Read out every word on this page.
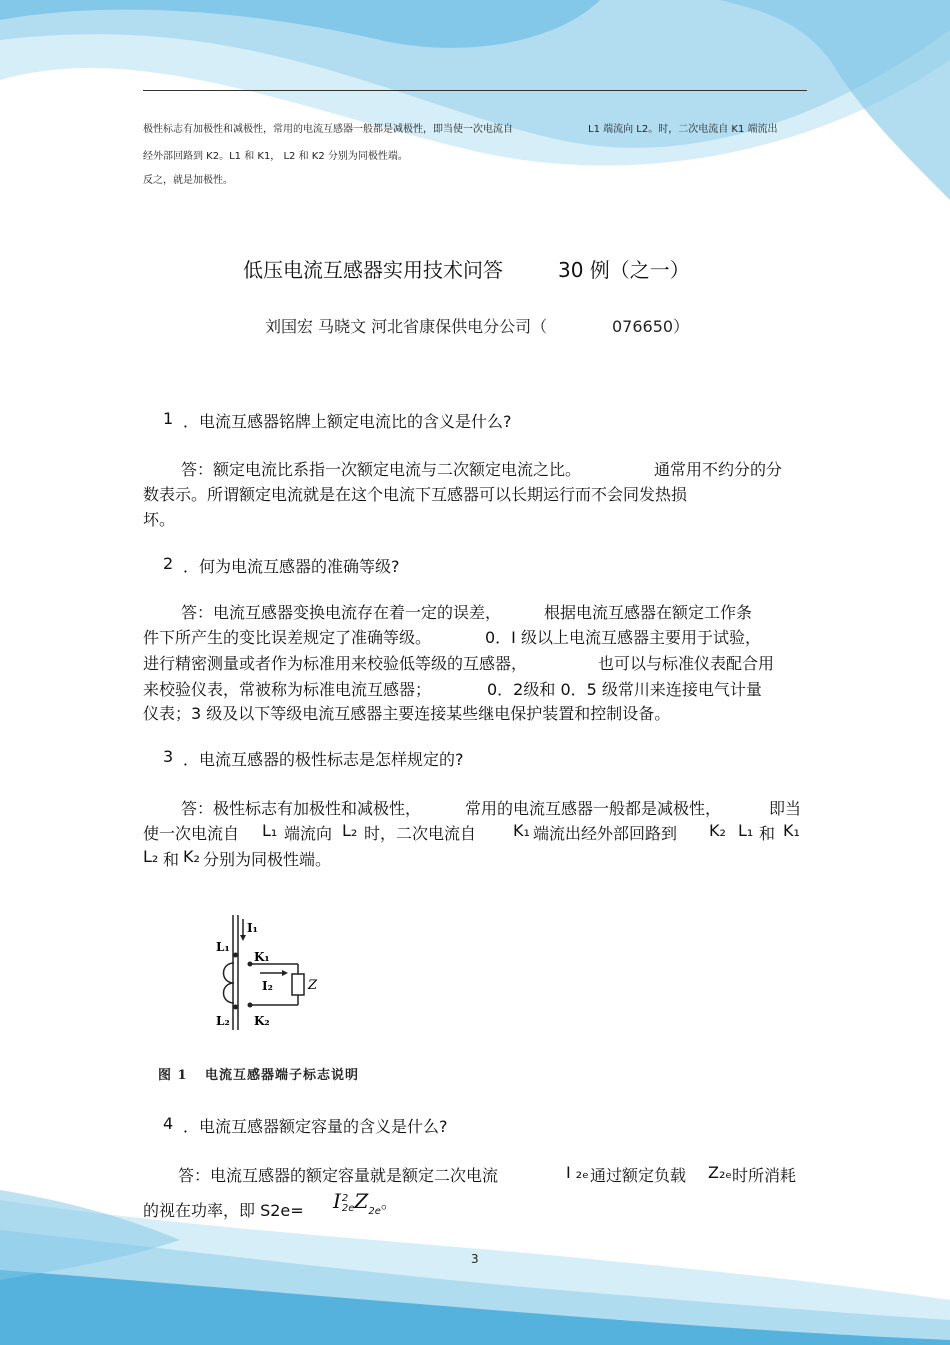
极性标志有加极性和减极性，常用的电流互感器一般都是减极性，即当使一次电流自	L1 端流向 L2。时，二次电流自 K1 端流出
经外部回路到 K2。L1 和 K1， L2 和 K2 分别为同极性端。
反之，就是加极性。
低压电流互感器实用技术问答	30 例（之一）
刘国宏 马晓文 河北省康保供电分公司（	076650）
1 ．电流互感器铭牌上额定电流比的含义是什么?
答：额定电流比系指一次额定电流与二次额定电流之比。	通常用不约分的分
数表示。所谓额定电流就是在这个电流下互感器可以长期运行而不会同发热损
坏。
2 ．何为电流互感器的准确等级?
答：电流互感器变换电流存在着一定的误差，	根据电流互感器在额定工作条
件下所产生的变比误差规定了准确等级。	0．I 级以上电流互感器主要用于试验，
进行精密测量或者作为标准用来校验低等级的互感器，	也可以与标准仪表配合用
来校验仪表，常被称为标准电流互感器；	0．2级和 0．5 级常川来连接电气计量
仪表；3 级及以下等级电流互感器主要连接某些继电保护装置和控制设备。
3 ．电流互感器的极性标志是怎样规定的?
答：极性标志有加极性和减极性，	常用的电流互感器一般都是减极性，	即当
使一次电流自 L₁ 端流向 L₂ 时，二次电流自 K₁ 端流出经外部回路到 K₂ L₁ 和 K₁
L₂ 和 K₂ 分别为同极性端。
I₁
L₁
K₁
I₂	Z
L₂ K₂
图 1 电流互感器端子标志说明
4 ．电流互感器额定容量的含义是什么?
答：电流互感器的额定容量就是额定二次电流	I ₂ₑ 通过额定负载 Z₂ₑ 时所消耗
的视在功率，即 S2e= I 2
2e $Z_{2e}$。
3
